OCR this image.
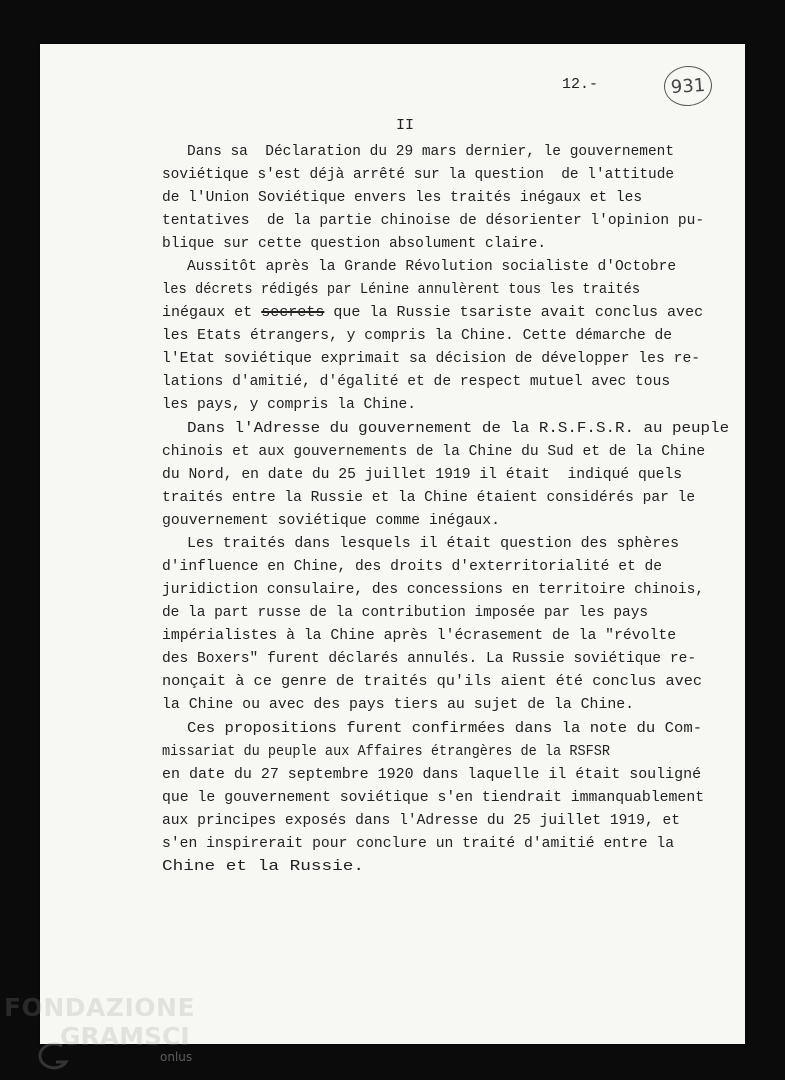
12.-	931
II
Dans sa  Déclaration du 29 mars dernier, le gouvernement
soviétique s'est déjà arrêté sur la question  de l'attitude
de l'Union Soviétique envers les traités inégaux et les
tentatives  de la partie chinoise de désorienter l'opinion pu-
blique sur cette question absolument claire.
Aussitôt après la Grande Révolution socialiste d'Octobre
les décrets rédigés par Lénine annulèrent tous les traités
inégaux et secrets que la Russie tsariste avait conclus avec
les Etats étrangers, y compris la Chine. Cette démarche de
l'Etat soviétique exprimait sa décision de développer les re-
lations d'amitié, d'égalité et de respect mutuel avec tous
les pays, y compris la Chine.
Dans l'Adresse du gouvernement de la R.S.F.S.R. au peuple
chinois et aux gouvernements de la Chine du Sud et de la Chine
du Nord, en date du 25 juillet 1919 il était  indiqué quels
traités entre la Russie et la Chine étaient considérés par le
gouvernement soviétique comme inégaux.
Les traités dans lesquels il était question des sphères
d'influence en Chine, des droits d'exterritorialité et de
juridiction consulaire, des concessions en territoire chinois,
de la part russe de la contribution imposée par les pays
impérialistes à la Chine après l'écrasement de la "révolte
des Boxers" furent déclarés annulés. La Russie soviétique re-
nonçait à ce genre de traités qu'ils aient été conclus avec
la Chine ou avec des pays tiers au sujet de la Chine.
Ces propositions furent confirmées dans la note du Com-
missariat du peuple aux Affaires étrangères de la RSFSR
en date du 27 septembre 1920 dans laquelle il était souligné
que le gouvernement soviétique s'en tiendrait immanquablement
aux principes exposés dans l'Adresse du 25 juillet 1919, et
s'en inspirerait pour conclure un traité d'amitié entre la
Chine et la Russie.
FONDAZIONE
GRAMSCI
onlus
